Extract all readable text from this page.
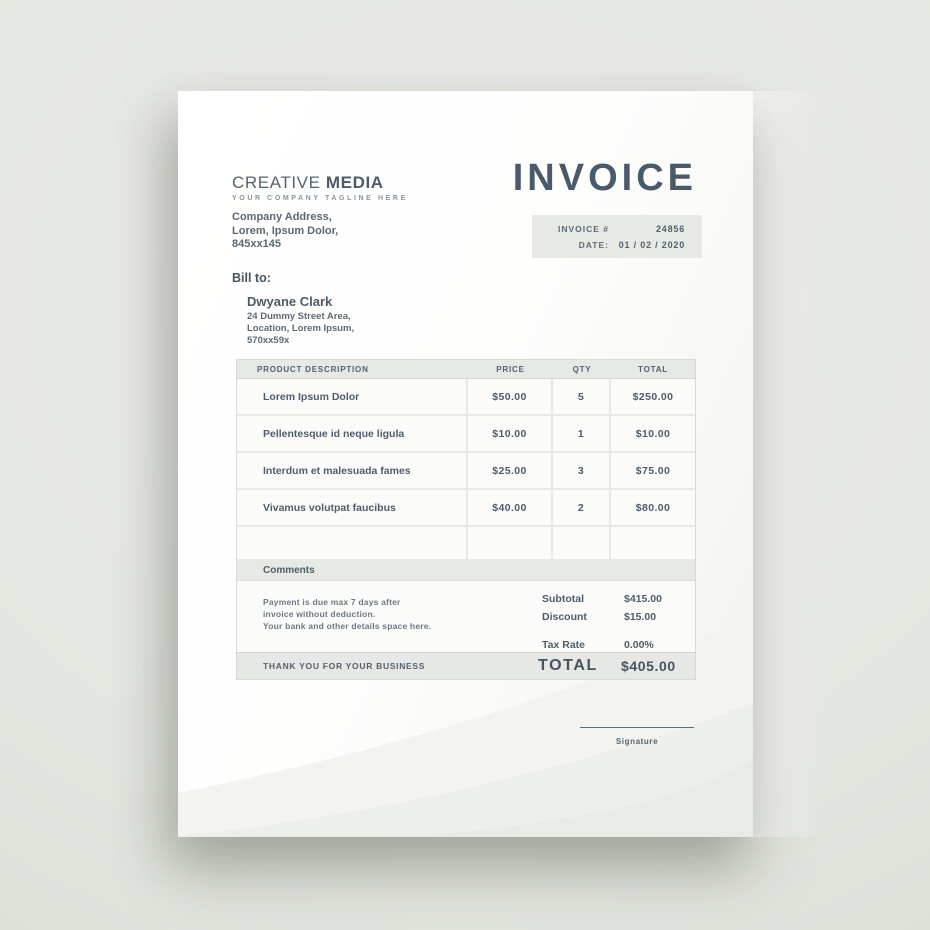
CREATIVE MEDIA
YOUR COMPANY TAGLINE HERE
Company Address,
Lorem, Ipsum Dolor,
845xx145
INVOICE
INVOICE #	24856
DATE:	01 / 02 / 2020
Bill to:
Dwyane Clark
24 Dummy Street Area,
Location, Lorem Ipsum,
570xx59x
PRODUCT DESCRIPTION	PRICE	QTY	TOTAL
Lorem Ipsum Dolor	$50.00	5	$250.00
Pellentesque id neque ligula	$10.00	1	$10.00
Interdum et malesuada fames	$25.00	3	$75.00
Vivamus volutpat faucibus	$40.00	2	$80.00
Comments
Payment is due max 7 days after
invoice without deduction.
Your bank and other details space here.
Subtotal	$415.00
Discount	$15.00
Tax Rate	0.00%
THANK YOU FOR YOUR BUSINESS	TOTAL $405.00
Signature
